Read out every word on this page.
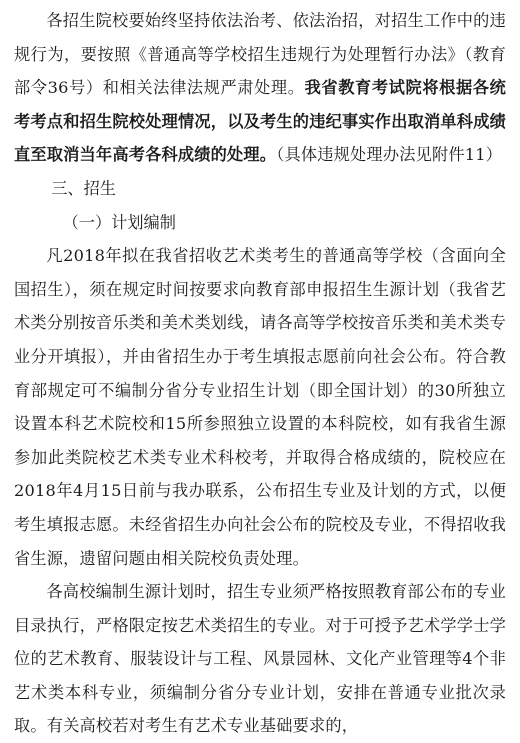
各招生院校要始终坚持依法治考、依法治招，对招生工作中的违规行为，要按照《普通高等学校招生违规行为处理暂行办法》（教育部令36号）和相关法律法规严肃处理。我省教育考试院将根据各统考考点和招生院校处理情况，以及考生的违纪事实作出取消单科成绩直至取消当年高考各科成绩的处理。（具体违规处理办法见附件11）

三、招生
（一）计划编制

凡2018年拟在我省招收艺术类考生的普通高等学校（含面向全国招生），须在规定时间按要求向教育部申报招生生源计划（我省艺术类分别按音乐类和美术类划线，请各高等学校按音乐类和美术类专业分开填报），并由省招生办于考生填报志愿前向社会公布。符合教育部规定可不编制分省分专业招生计划（即全国计划）的30所独立设置本科艺术院校和15所参照独立设置的本科院校，如有我省生源参加此类院校艺术类专业术科校考，并取得合格成绩的，院校应在2018年4月15日前与我办联系，公布招生专业及计划的方式，以便考生填报志愿。未经省招生办向社会公布的院校及专业，不得招收我省生源，遗留问题由相关院校负责处理。

各高校编制生源计划时，招生专业须严格按照教育部公布的专业目录执行，严格限定按艺术类招生的专业。对于可授予艺术学学士学位的艺术教育、服装设计与工程、风景园林、文化产业管理等4个非艺术类本科专业，须编制分省分专业计划，安排在普通专业批次录取。有关高校若对考生有艺术专业基础要求的，
